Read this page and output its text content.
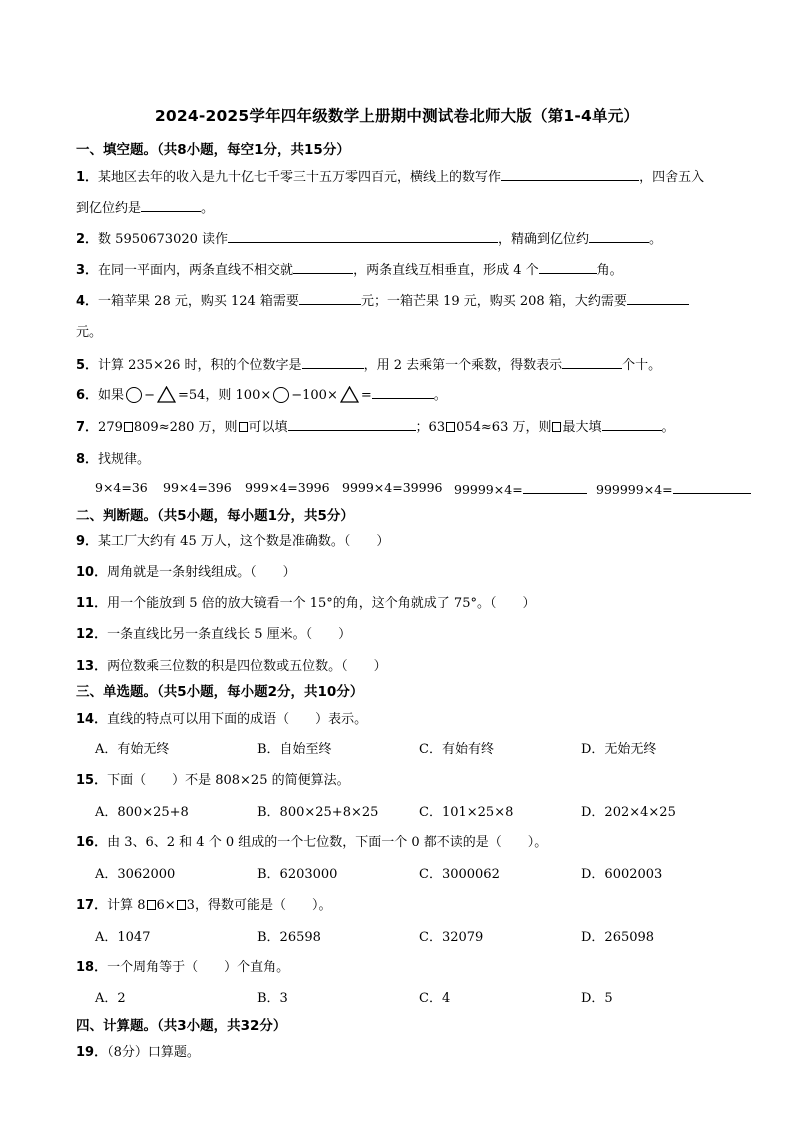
2024-2025学年四年级数学上册期中测试卷北师大版（第1-4单元）
一、填空题。（共8小题，每空1分，共15分）
1．某地区去年的收入是九十亿七千零三十五万零四百元，横线上的数写作	，四舍五入
到亿位约是	。
2．数 5950673020 读作	，精确到亿位约	。
3．在同一平面内，两条直线不相交就	，两条直线互相垂直，形成 4 个	角。
4．一箱苹果 28 元，购买 124 箱需要	元；一箱芒果 19 元，购买 208 箱，大约需要
元。
5．计算 235×26 时，积的个位数字是	，用 2 去乘第一个乘数，得数表示	个十。
6．如果 − =54，则 100× −100× =	。
7．279 809≈280 万，则 可以填	；63 054≈63 万，则 最大填	。
8．找规律。
9×4=36 99×4=396 999×4=3996 9999×4=39996 99999×4=	999999×4=
二、判断题。（共5小题，每小题1分，共5分）
9．某工厂大约有 45 万人，这个数是准确数。（　　）
10．周角就是一条射线组成。（　　）
11．用一个能放到 5 倍的放大镜看一个 15°的角，这个角就成了 75°。（　　）
12．一条直线比另一条直线长 5 厘米。（　　）
13．两位数乘三位数的积是四位数或五位数。（　　）
三、单选题。（共5小题，每小题2分，共10分）
14．直线的特点可以用下面的成语（　　）表示。
A．有始无终	B．自始至终	C．有始有终	D．无始无终
15．下面（　　）不是 808×25 的简便算法。
A．800×25+8	B．800×25+8×25	C．101×25×8	D．202×4×25
16．由 3、6、2 和 4 个 0 组成的一个七位数，下面一个 0 都不读的是（　　）。
A．3062000	B．6203000	C．3000062	D．6002003
17．计算 8 6× 3，得数可能是（　　）。
A．1047	B．26598	C．32079	D．265098
18．一个周角等于（　　）个直角。
A．2	B．3	C．4	D．5
四、计算题。（共3小题，共32分）
19．（8分）口算题。
